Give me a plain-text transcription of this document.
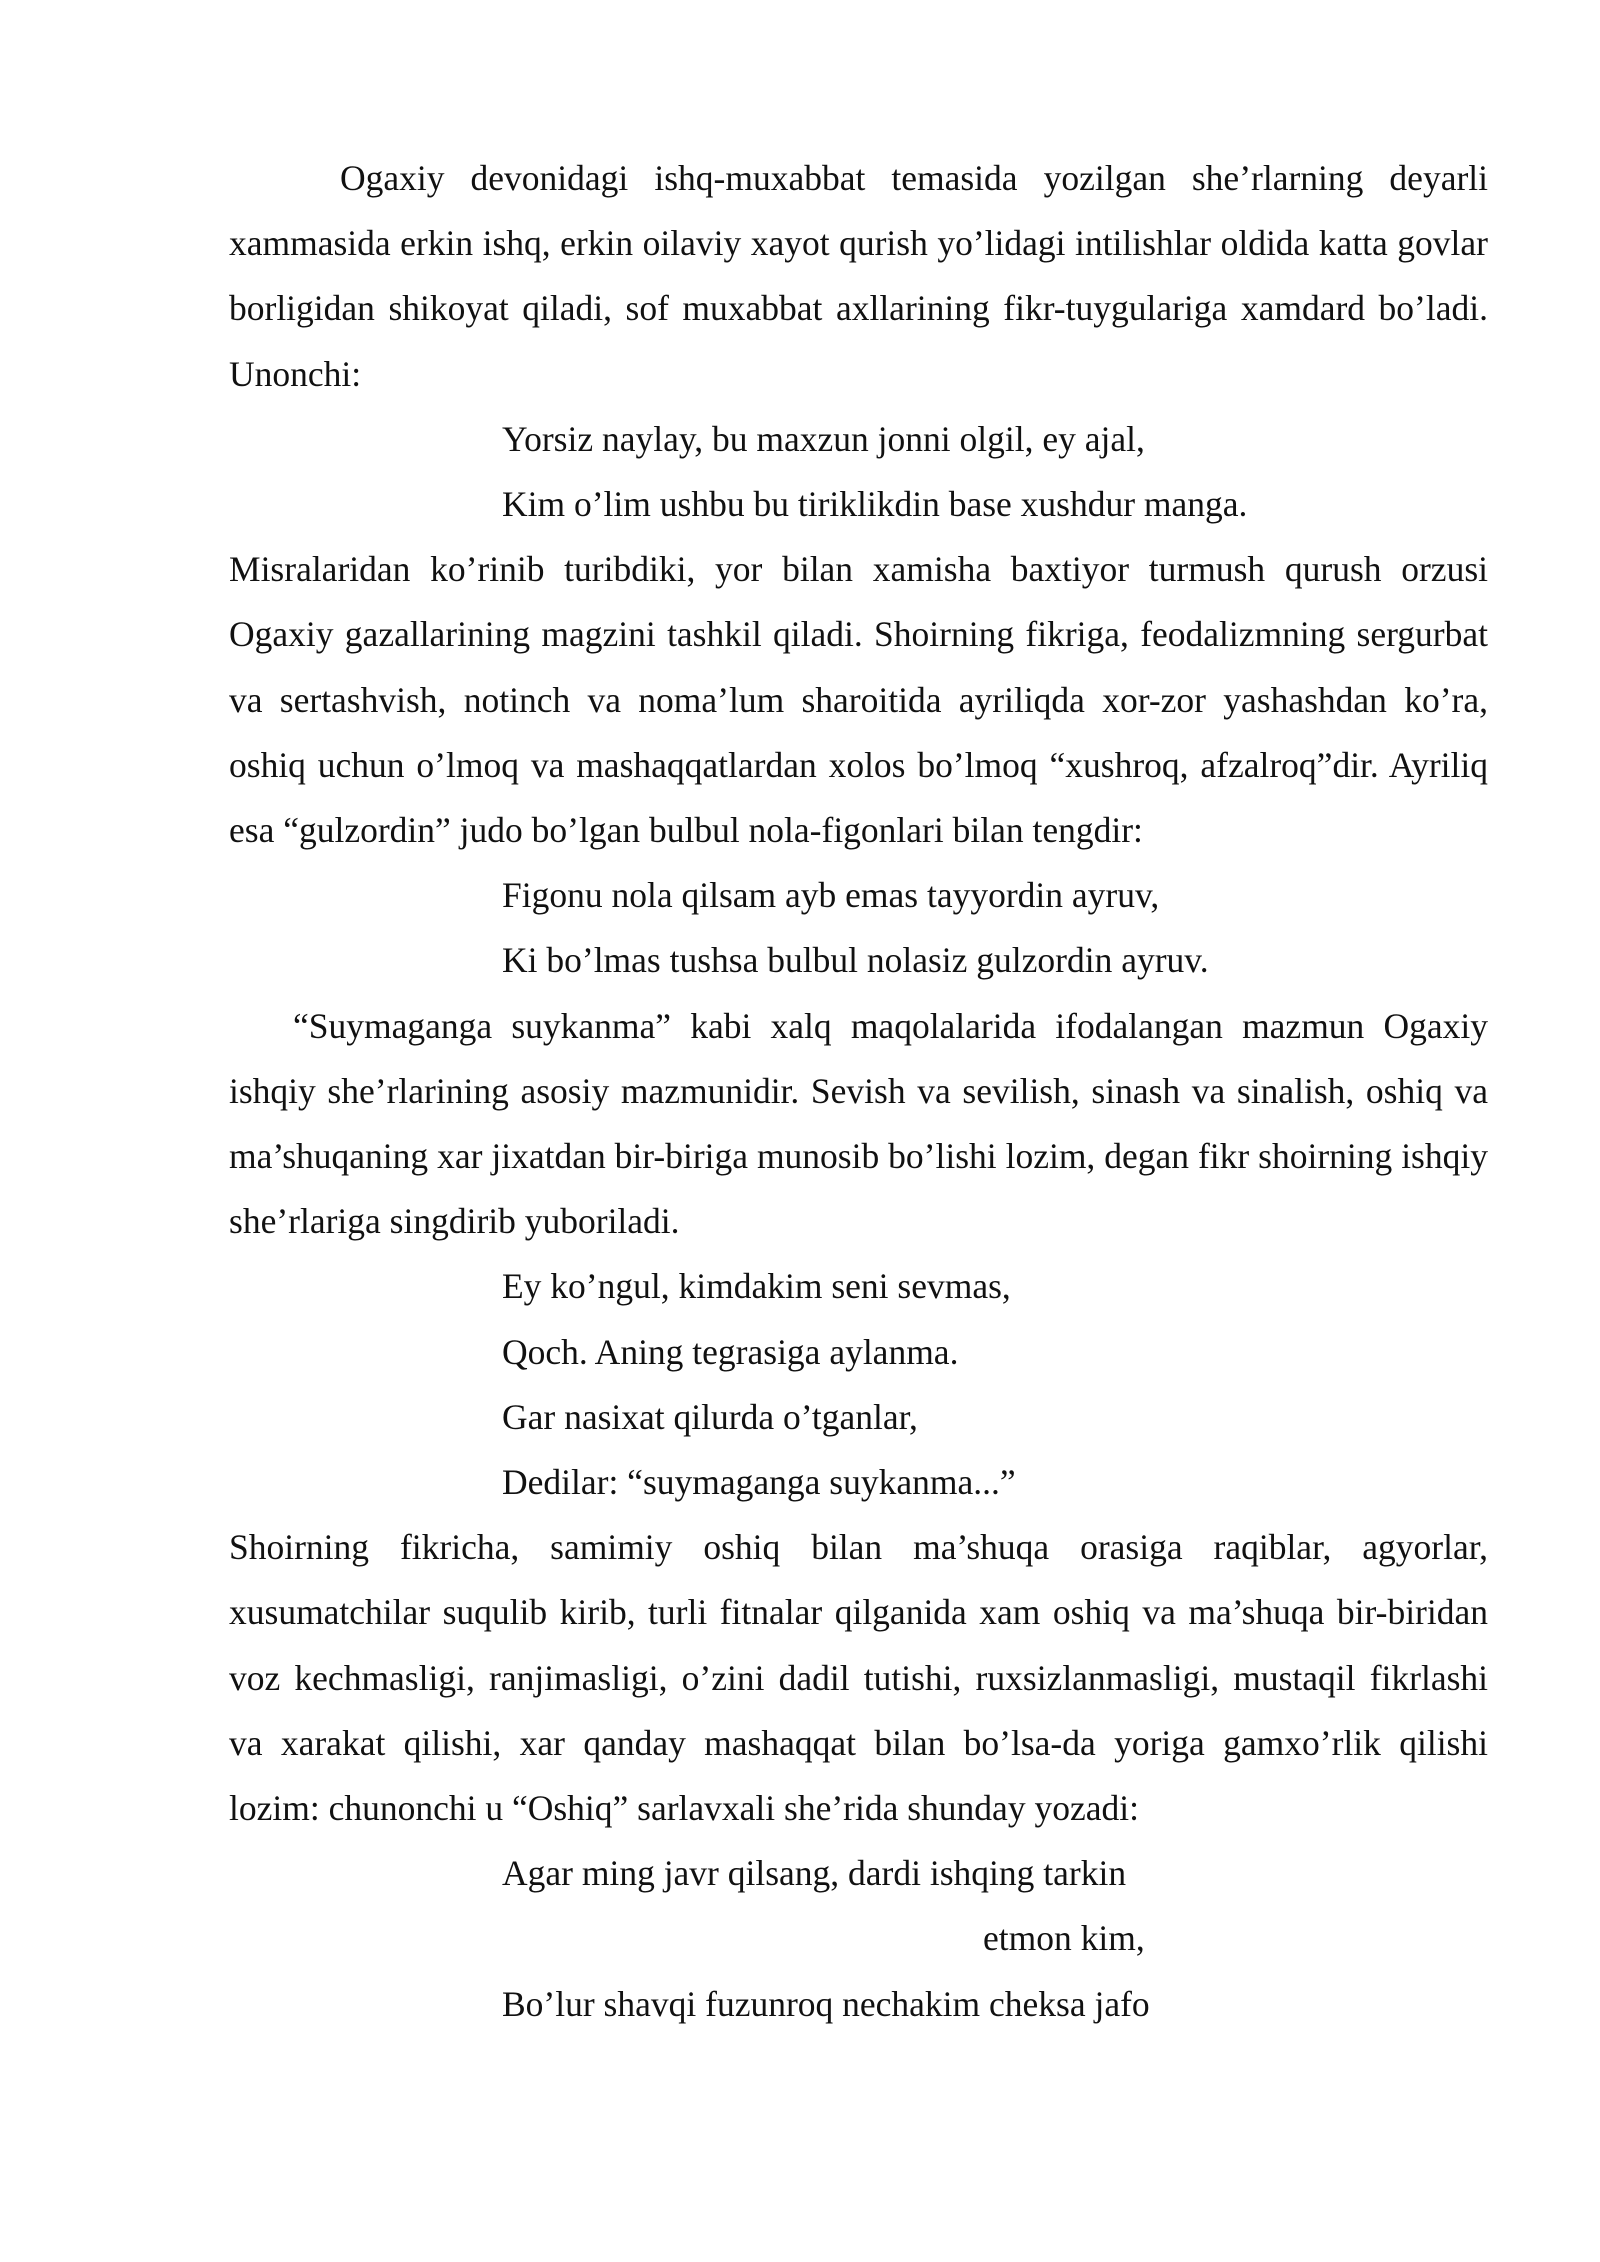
Ogaxiy devonidagi ishq-muxabbat temasida yozilgan she’rlarning deyarli xammasida erkin ishq, erkin oilaviy xayot qurish yo’lidagi intilishlar oldida katta govlar borligidan shikoyat qiladi, sof muxabbat axllarining fikr-tuygulariga xamdard bo’ladi. Unonchi:

Yorsiz naylay, bu maxzun jonni olgil, ey ajal,

Kim o’lim ushbu bu tiriklikdin base xushdur manga.

Misralaridan ko’rinib turibdiki, yor bilan xamisha baxtiyor turmush qurush orzusi Ogaxiy gazallarining magzini tashkil qiladi. Shoirning fikriga, feodalizmning sergurbat va sertashvish, notinch va noma’lum sharoitida ayriliqda xor-zor yashashdan ko’ra, oshiq uchun o’lmoq va mashaqqatlardan xolos bo’lmoq “xushroq, afzalroq”dir. Ayriliq esa “gulzordin” judo bo’lgan bulbul nola-figonlari bilan tengdir:

Figonu nola qilsam ayb emas tayyordin ayruv,

Ki bo’lmas tushsa bulbul nolasiz gulzordin ayruv.

“Suymaganga suykanma” kabi xalq maqolalarida ifodalangan mazmun Ogaxiy ishqiy she’rlarining asosiy mazmunidir. Sevish va sevilish, sinash va sinalish, oshiq va ma’shuqaning xar jixatdan bir-biriga munosib bo’lishi lozim, degan fikr shoirning ishqiy she’rlariga singdirib yuboriladi.

Ey ko’ngul, kimdakim seni sevmas,

Qoch. Aning tegrasiga aylanma.

Gar nasixat qilurda o’tganlar,

Dedilar: “suymaganga suykanma...”

Shoirning fikricha, samimiy oshiq bilan ma’shuqa orasiga raqiblar, agyorlar, xusumatchilar suqulib kirib, turli fitnalar qilganida xam oshiq va ma’shuqa bir-biridan voz kechmasligi, ranjimasligi, o’zini dadil tutishi, ruxsizlanmasligi, mustaqil fikrlashi va xarakat qilishi, xar qanday mashaqqat bilan bo’lsa-da yoriga gamxo’rlik qilishi lozim: chunonchi u “Oshiq” sarlavxali she’rida shunday yozadi:

Agar ming javr qilsang, dardi ishqing tarkin

etmon kim,

Bo’lur shavqi fuzunroq nechakim cheksa jafo
